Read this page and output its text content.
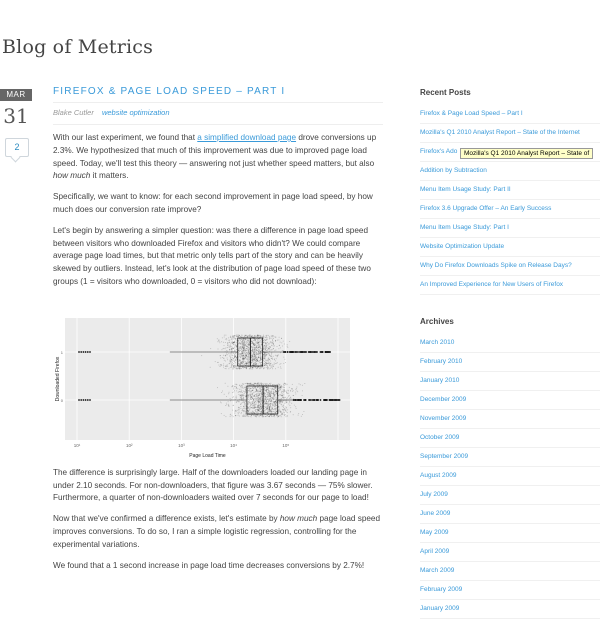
Blog of Metrics
MAR
31
2
FIREFOX & PAGE LOAD SPEED – PART I
Blake Cutler website optimization

With our last experiment, we found that a simplified download page drove conversions up 2.3%. We hypothesized that much of this improvement was due to improved page load speed. Today, we'll test this theory — answering not just whether speed matters, but also how much it matters.

Specifically, we want to know: for each second improvement in page load speed, by how much does our conversion rate improve?

Let's begin by answering a simpler question: was there a difference in page load speed between visitors who downloaded Firefox and visitors who didn't? We could compare average page load times, but that metric only tells part of the story and can be heavily skewed by outliers. Instead, let's look at the distribution of page load speed of these two groups (1 = visitors who downloaded, 0 = visitors who did not download):

The difference is surprisingly large. Half of the downloaders loaded our landing page in under 2.10 seconds. For non-downloaders, that figure was 3.67 seconds — 75% slower. Furthermore, a quarter of non-downloaders waited over 7 seconds for our page to load!

Now that we've confirmed a difference exists, let's estimate by how much page load speed improves conversions. To do so, I ran a simple logistic regression, controlling for the experimental variations.

We found that a 1 second increase in page load time decreases conversions by 2.7%!

1
0
10¹	10²	10³	10⁴	10⁵
Page Load Time
Downloaded Firefox
Recent Posts
Firefox & Page Load Speed – Part I
Mozilla's Q1 2010 Analyst Report – State of the Internet
Firefox's Ado
Addition by Subtraction
Menu Item Usage Study: Part II
Firefox 3.6 Upgrade Offer – An Early Success
Menu Item Usage Study: Part I
Website Optimization Update
Why Do Firefox Downloads Spike on Release Days?
An Improved Experience for New Users of Firefox
Archives
March 2010
February 2010
January 2010
December 2009
November 2009
October 2009
September 2009
August 2009
July 2009
June 2009
May 2009
April 2009
March 2009
February 2009
January 2009
Mozilla's Q1 2010 Analyst Report – State of
